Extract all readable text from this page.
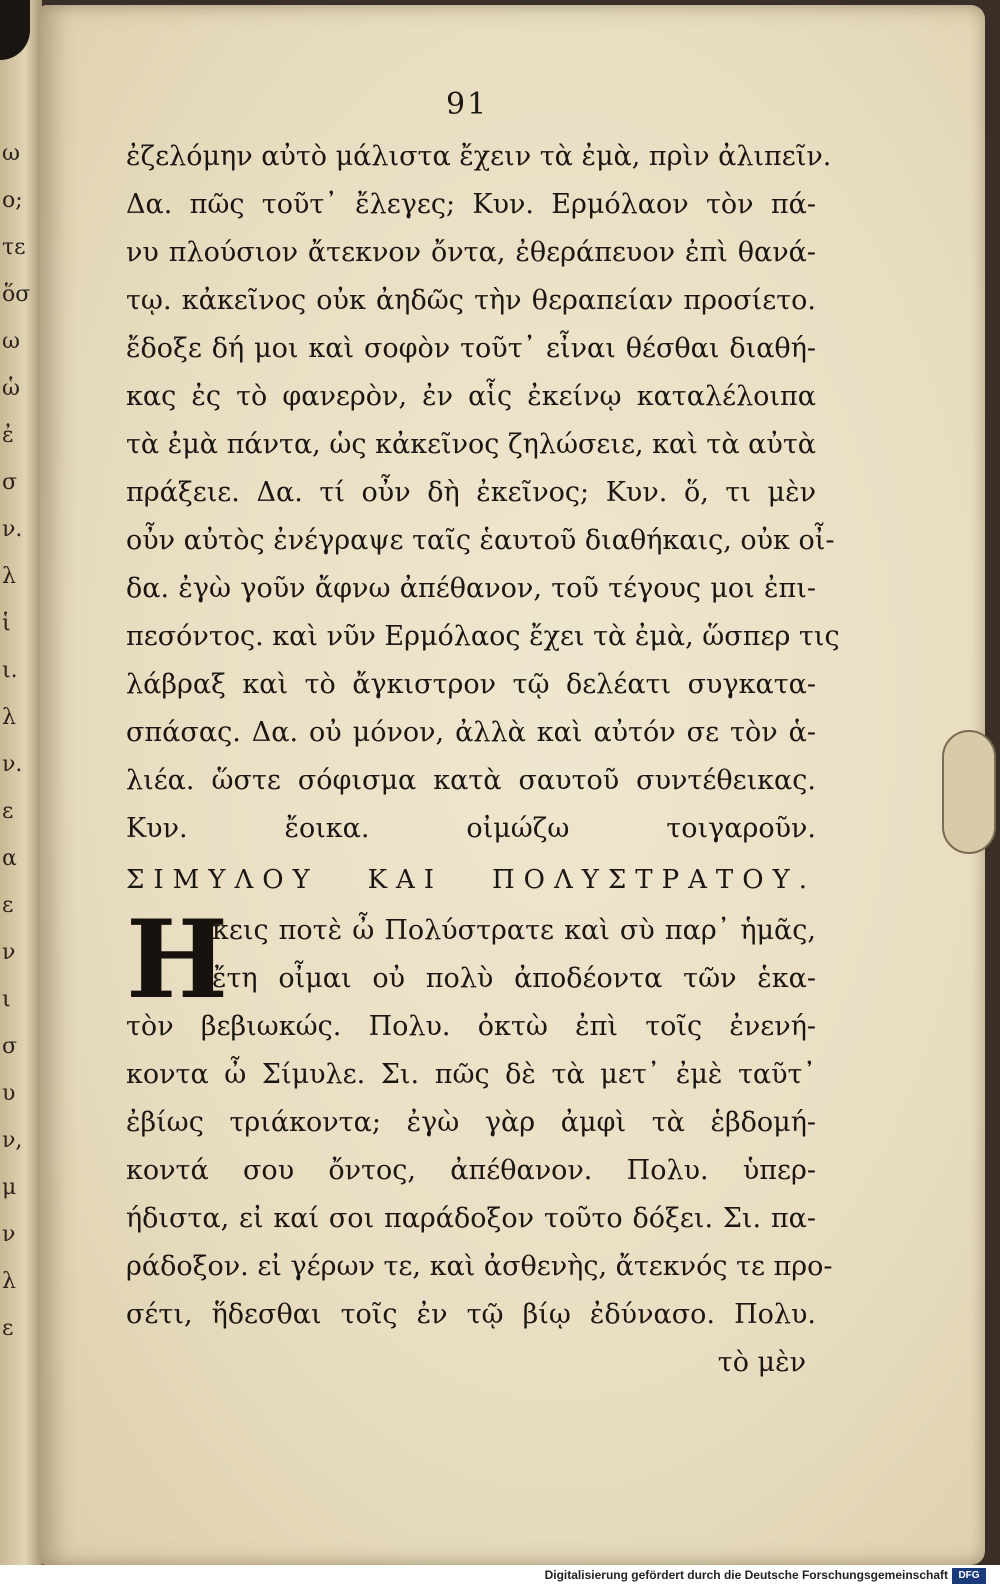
ω
ο;
τε
ὅσ
ω
ὡ
ἐ
σ
ν.
λ
ἱ
ι.
λ
ν.
ε
α
ε
ν
ι
σ
υ
ν,
μ
ν
λ
ε
91
ἐζελόμην αὐτὸ μάλιστα ἔχειν τὰ ἐμὰ, πρὶν ἀλιπεῖν.
Δα. πῶς τοῦτ᾽ ἔλεγες; Κυν. Ερμόλαον τὸν πά-
νυ πλούσιον ἄτεκνον ὄντα, ἐθεράπευον ἐπὶ θανά-
τῳ. κἀκεῖνος οὐκ ἀηδῶς τὴν θεραπείαν προσίετο.
ἔδοξε δή μοι καὶ σοφὸν τοῦτ᾽ εἶναι θέσθαι διαθή-
κας ἐς τὸ φανερὸν, ἐν αἷς ἐκείνῳ καταλέλοιπα
τὰ ἐμὰ πάντα, ὡς κἀκεῖνος ζηλώσειε, καὶ τὰ αὐτὰ
πράξειε. Δα. τί οὖν δὴ ἐκεῖνος; Κυν. ὅ, τι μὲν
οὖν αὐτὸς ἐνέγραψε ταῖς ἑαυτοῦ διαθήκαις, οὐκ οἶ-
δα. ἐγὼ γοῦν ἄφνω ἀπέθανον, τοῦ τέγους μοι ἐπι-
πεσόντος. καὶ νῦν Ερμόλαος ἔχει τὰ ἐμὰ, ὥσπερ τις
λάβραξ καὶ τὸ ἄγκιστρον τῷ δελέατι συγκατα-
σπάσας. Δα. οὐ μόνον, ἀλλὰ καὶ αὐτόν σε τὸν ἁ-
λιέα. ὥστε σόφισμα κατὰ σαυτοῦ συντέθεικας.
Κυν. ἔοικα. οἰμώζω τοιγαροῦν.
ΣΙΜΥΛΟΥ ΚΑΙ ΠΟΛΥΣΤΡΑΤΟΥ.
Η
κεις ποτὲ ὦ Πολύστρατε καὶ σὺ παρ᾽ ἡμᾶς,
ἔτη οἶμαι οὐ πολὺ ἀποδέοντα τῶν ἑκα-
τὸν βεβιωκώς. Πολυ. ὀκτὼ ἐπὶ τοῖς ἐνενή-
κοντα ὦ Σίμυλε. Σι. πῶς δὲ τὰ μετ᾽ ἐμὲ ταῦτ᾽
ἐβίως τριάκοντα; ἐγὼ γὰρ ἀμφὶ τὰ ἑβδομή-
κοντά σου ὄντος, ἀπέθανον. Πολυ. ὑπερ-
ήδιστα, εἰ καί σοι παράδοξον τοῦτο δόξει. Σι. πα-
ράδοξον. εἰ γέρων τε, καὶ ἀσθενὴς, ἄτεκνός τε προ-
σέτι, ἥδεσθαι τοῖς ἐν τῷ βίῳ ἐδύνασο. Πολυ.
τὸ μὲν
Digitalisierung gefördert durch die Deutsche Forschungsgemeinschaft	DFG
